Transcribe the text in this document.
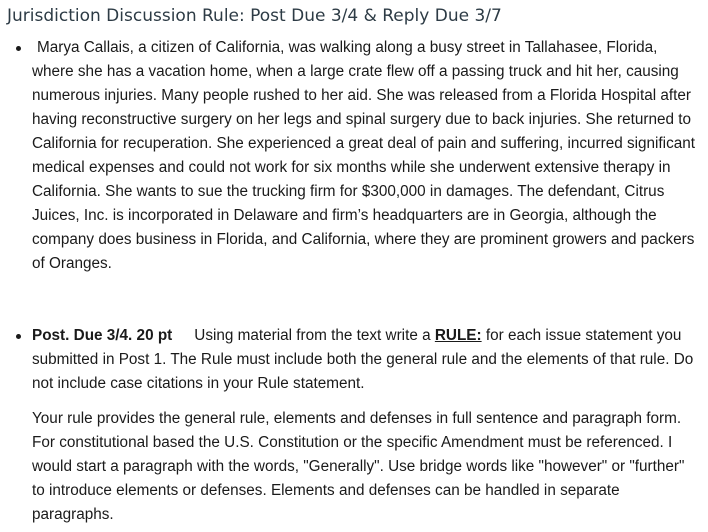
Jurisdiction Discussion Rule: Post Due 3/4 & Reply Due 3/7

Marya Callais, a citizen of California, was walking along a busy street in Tallahasee, Florida, where she has a vacation home, when a large crate flew off a passing truck and hit her, causing numerous injuries. Many people rushed to her aid. She was released from a Florida Hospital after having reconstructive surgery on her legs and spinal surgery due to back injuries. She returned to California for recuperation. She experienced a great deal of pain and suffering, incurred significant medical expenses and could not work for six months while she underwent extensive therapy in California. She wants to sue the trucking firm for $300,000 in damages. The defendant, Citrus Juices, Inc. is incorporated in Delaware and firm’s headquarters are in Georgia, although the company does business in Florida, and California, where they are prominent growers and packers of Oranges.

Post. Due 3/4. 20 pt Using material from the text write a RULE: for each issue statement you submitted in Post 1. The Rule must include both the general rule and the elements of that rule. Do not include case citations in your Rule statement.

Your rule provides the general rule, elements and defenses in full sentence and paragraph form. For constitutional based the U.S. Constitution or the specific Amendment must be referenced. I would start a paragraph with the words, "Generally". Use bridge words like "however" or "further" to introduce elements or defenses. Elements and defenses can be handled in separate paragraphs.
